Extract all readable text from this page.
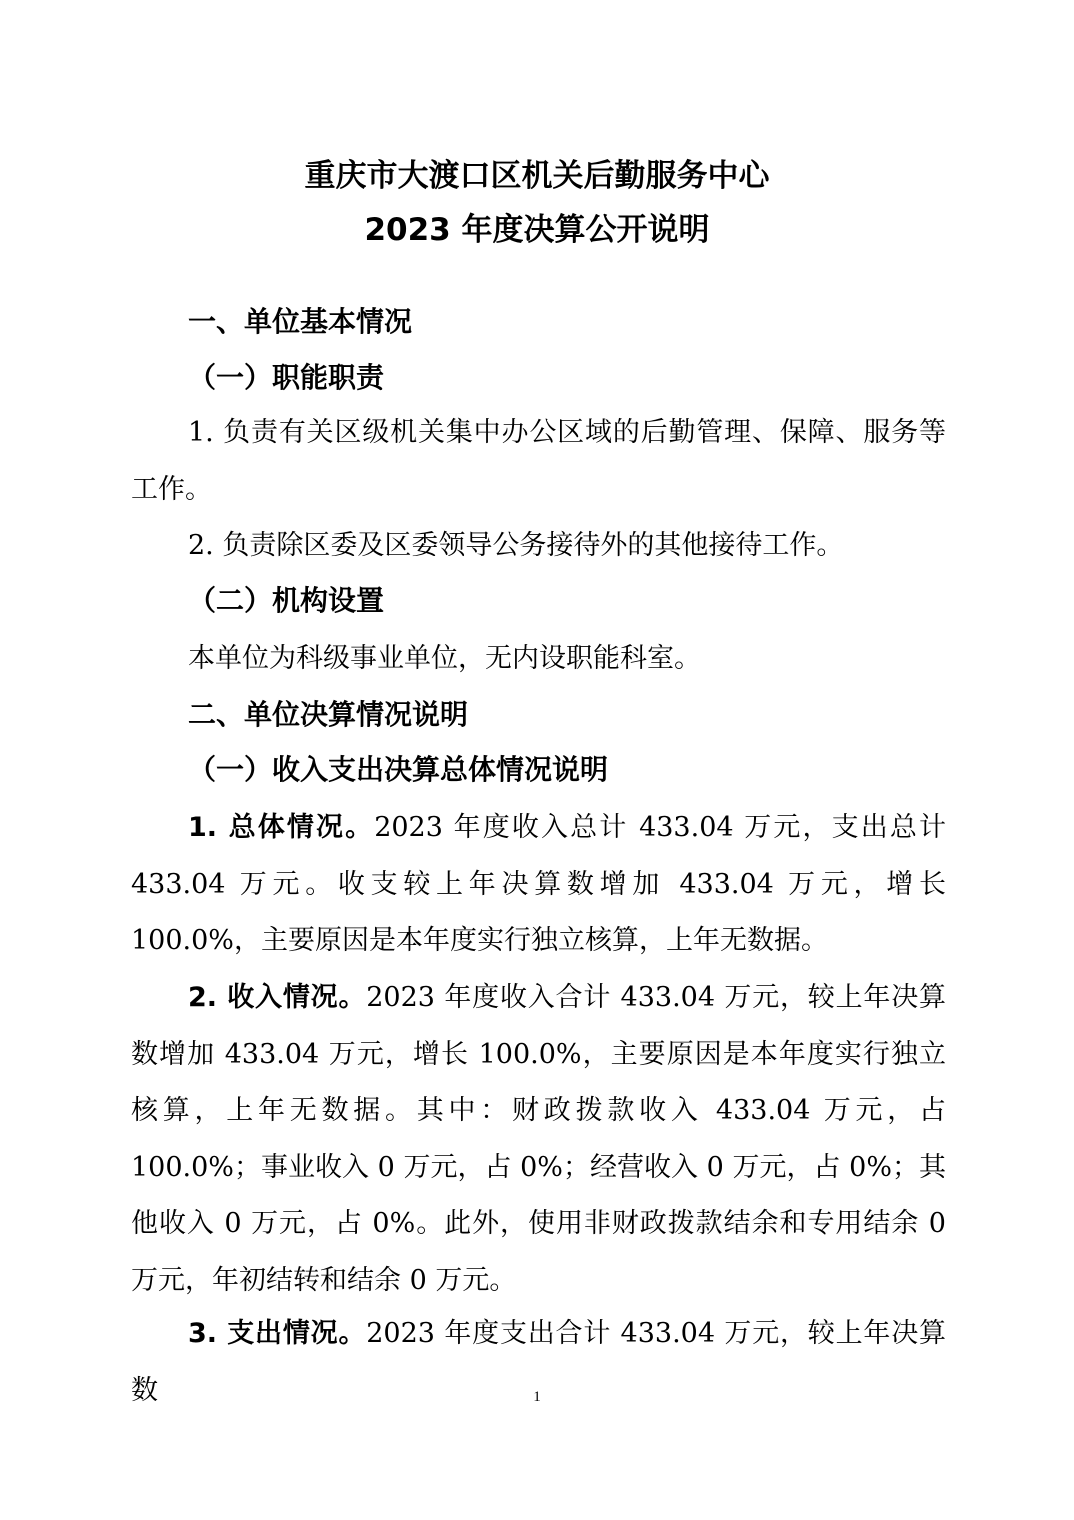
重庆市大渡口区机关后勤服务中心
2023 年度决算公开说明
一、单位基本情况
（一）职能职责

1. 负责有关区级机关集中办公区域的后勤管理、保障、服务等工作。

2. 负责除区委及区委领导公务接待外的其他接待工作。

（二）机构设置

本单位为科级事业单位，无内设职能科室。

二、单位决算情况说明
（一）收入支出决算总体情况说明

1. 总体情况。2023 年度收入总计 433.04 万元，支出总计 433.04 万元。收支较上年决算数增加 433.04 万元，增长 100.0%，主要原因是本年度实行独立核算，上年无数据。

2. 收入情况。2023 年度收入合计 433.04 万元，较上年决算数增加 433.04 万元，增长 100.0%，主要原因是本年度实行独立核算，上年无数据。其中：财政拨款收入 433.04 万元，占 100.0%；事业收入 0 万元，占 0%；经营收入 0 万元，占 0%；其他收入 0 万元，占 0%。此外，使用非财政拨款结余和专用结余 0 万元，年初结转和结余 0 万元。

3. 支出情况。2023 年度支出合计 433.04 万元，较上年决算数	1
